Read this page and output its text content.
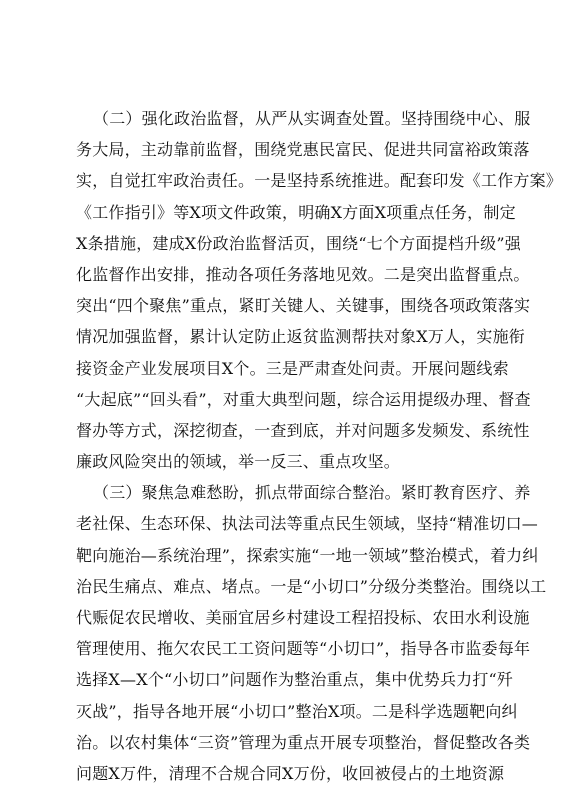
（二）强化政治监督，从严从实调查处置。坚持围绕中心、服
务大局，主动靠前监督，围绕党惠民富民、促进共同富裕政策落
实，自觉扛牢政治责任。一是坚持系统推进。配套印发《工作方案》
《工作指引》等X项文件政策，明确X方面X项重点任务，制定
X条措施，建成X份政治监督活页，围绕“七个方面提档升级”强
化监督作出安排，推动各项任务落地见效。二是突出监督重点。
突出“四个聚焦”重点，紧盯关键人、关键事，围绕各项政策落实
情况加强监督，累计认定防止返贫监测帮扶对象X万人，实施衔
接资金产业发展项目X个。三是严肃查处问责。开展问题线索
“大起底”“回头看”，对重大典型问题，综合运用提级办理、督查
督办等方式，深挖彻查，一查到底，并对问题多发频发、系统性
廉政风险突出的领域，举一反三、重点攻坚。
（三）聚焦急难愁盼，抓点带面综合整治。紧盯教育医疗、养
老社保、生态环保、执法司法等重点民生领域，坚持“精准切口—
靶向施治—系统治理”，探索实施“一地一领域”整治模式，着力纠
治民生痛点、难点、堵点。一是“小切口”分级分类整治。围绕以工
代赈促农民增收、美丽宜居乡村建设工程招投标、农田水利设施
管理使用、拖欠农民工工资问题等“小切口”，指导各市监委每年
选择X—X个“小切口”问题作为整治重点，集中优势兵力打“歼
灭战”，指导各地开展“小切口”整治X项。二是科学选题靶向纠
治。以农村集体“三资”管理为重点开展专项整治，督促整改各类
问题X万件，清理不合规合同X万份，收回被侵占的土地资源
